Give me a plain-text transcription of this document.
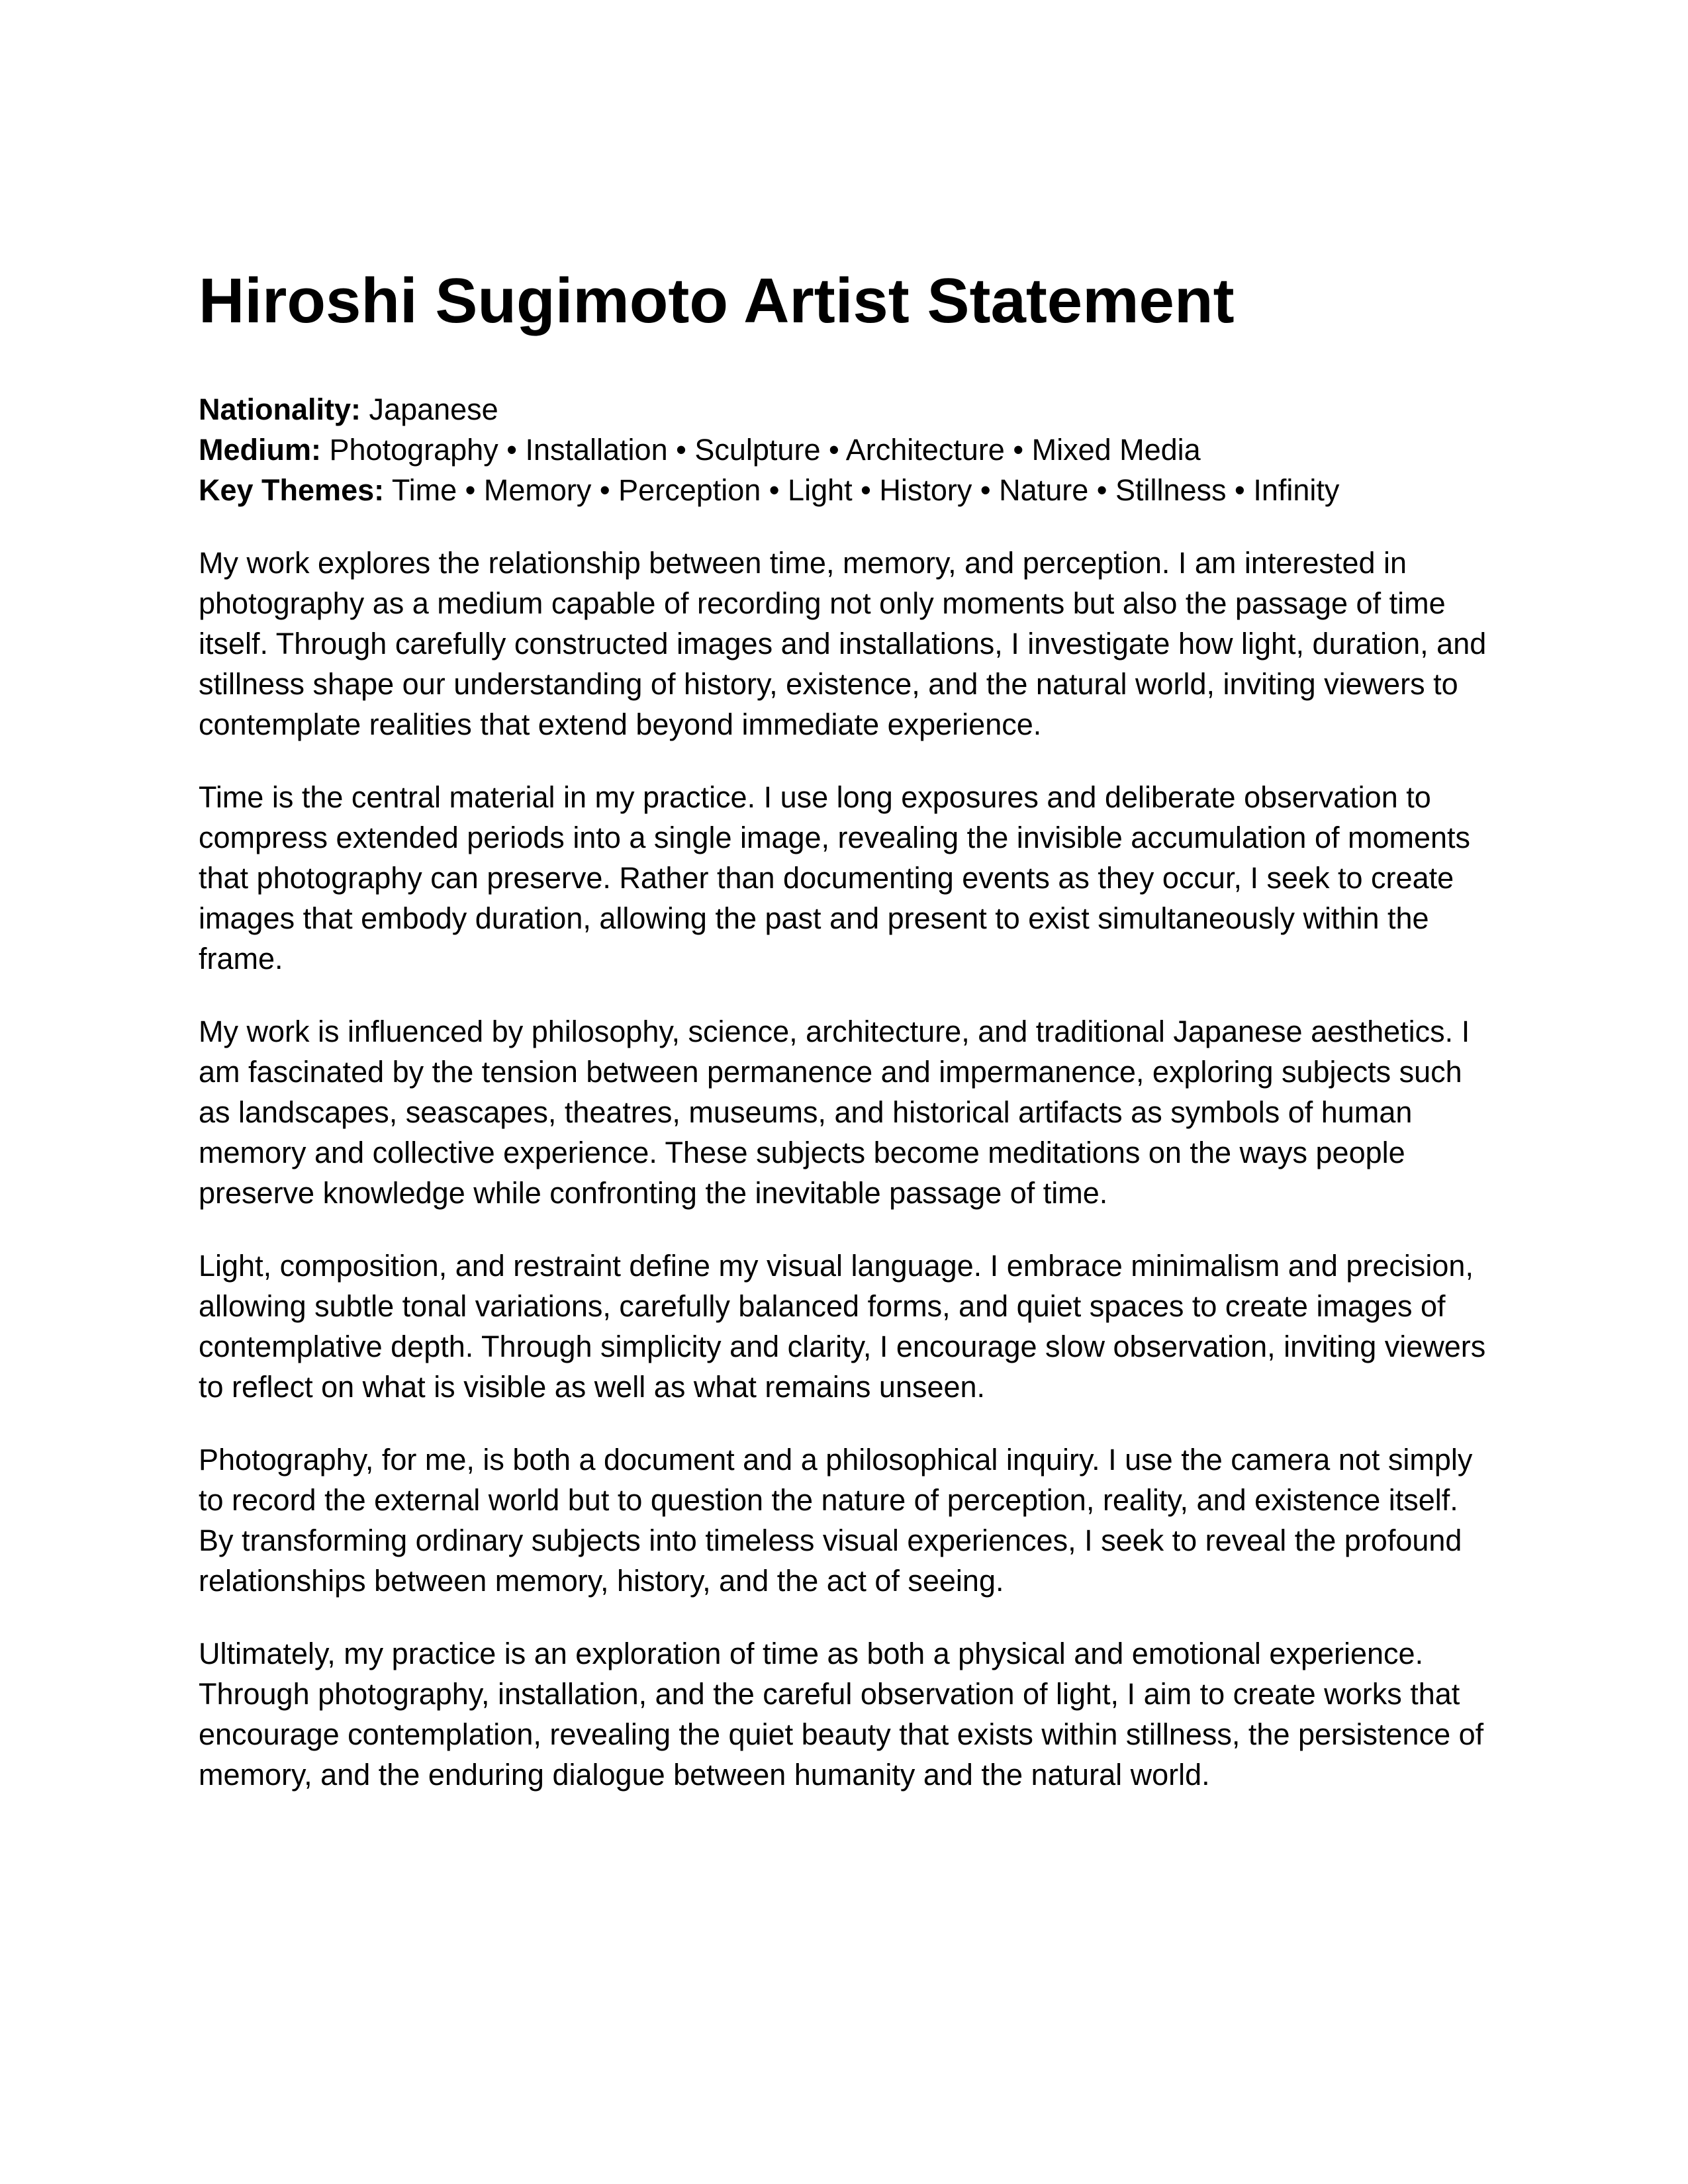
Hiroshi Sugimoto Artist Statement
Nationality: Japanese
Medium: Photography • Installation • Sculpture • Architecture • Mixed Media
Key Themes: Time • Memory • Perception • Light • History • Nature • Stillness • Infinity

My work explores the relationship between time, memory, and perception. I am interested in photography as a medium capable of recording not only moments but also the passage of time itself. Through carefully constructed images and installations, I investigate how light, duration, and stillness shape our understanding of history, existence, and the natural world, inviting viewers to contemplate realities that extend beyond immediate experience.

Time is the central material in my practice. I use long exposures and deliberate observation to compress extended periods into a single image, revealing the invisible accumulation of moments that photography can preserve. Rather than documenting events as they occur, I seek to create images that embody duration, allowing the past and present to exist simultaneously within the frame.

My work is influenced by philosophy, science, architecture, and traditional Japanese aesthetics. I am fascinated by the tension between permanence and impermanence, exploring subjects such as landscapes, seascapes, theatres, museums, and historical artifacts as symbols of human memory and collective experience. These subjects become meditations on the ways people preserve knowledge while confronting the inevitable passage of time.

Light, composition, and restraint define my visual language. I embrace minimalism and precision, allowing subtle tonal variations, carefully balanced forms, and quiet spaces to create images of contemplative depth. Through simplicity and clarity, I encourage slow observation, inviting viewers to reflect on what is visible as well as what remains unseen.

Photography, for me, is both a document and a philosophical inquiry. I use the camera not simply to record the external world but to question the nature of perception, reality, and existence itself. By transforming ordinary subjects into timeless visual experiences, I seek to reveal the profound relationships between memory, history, and the act of seeing.

Ultimately, my practice is an exploration of time as both a physical and emotional experience. Through photography, installation, and the careful observation of light, I aim to create works that encourage contemplation, revealing the quiet beauty that exists within stillness, the persistence of memory, and the enduring dialogue between humanity and the natural world.
